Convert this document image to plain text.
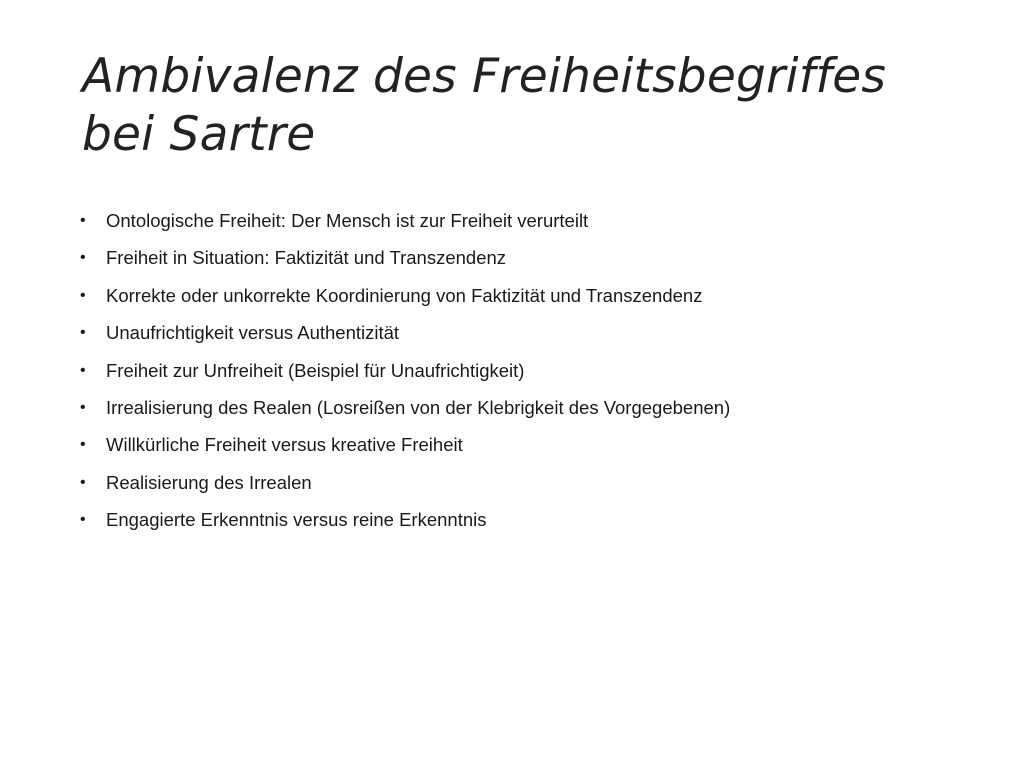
Ambivalenz des Freiheitsbegriffes
bei Sartre
• Ontologische Freiheit: Der Mensch ist zur Freiheit verurteilt
• Freiheit in Situation: Faktizität und Transzendenz
• Korrekte oder unkorrekte Koordinierung von Faktizität und Transzendenz
• Unaufrichtigkeit versus Authentizität
• Freiheit zur Unfreiheit (Beispiel für Unaufrichtigkeit)
• Irrealisierung des Realen (Losreißen von der Klebrigkeit des Vorgegebenen)
• Willkürliche Freiheit versus kreative Freiheit
• Realisierung des Irrealen
• Engagierte Erkenntnis versus reine Erkenntnis
